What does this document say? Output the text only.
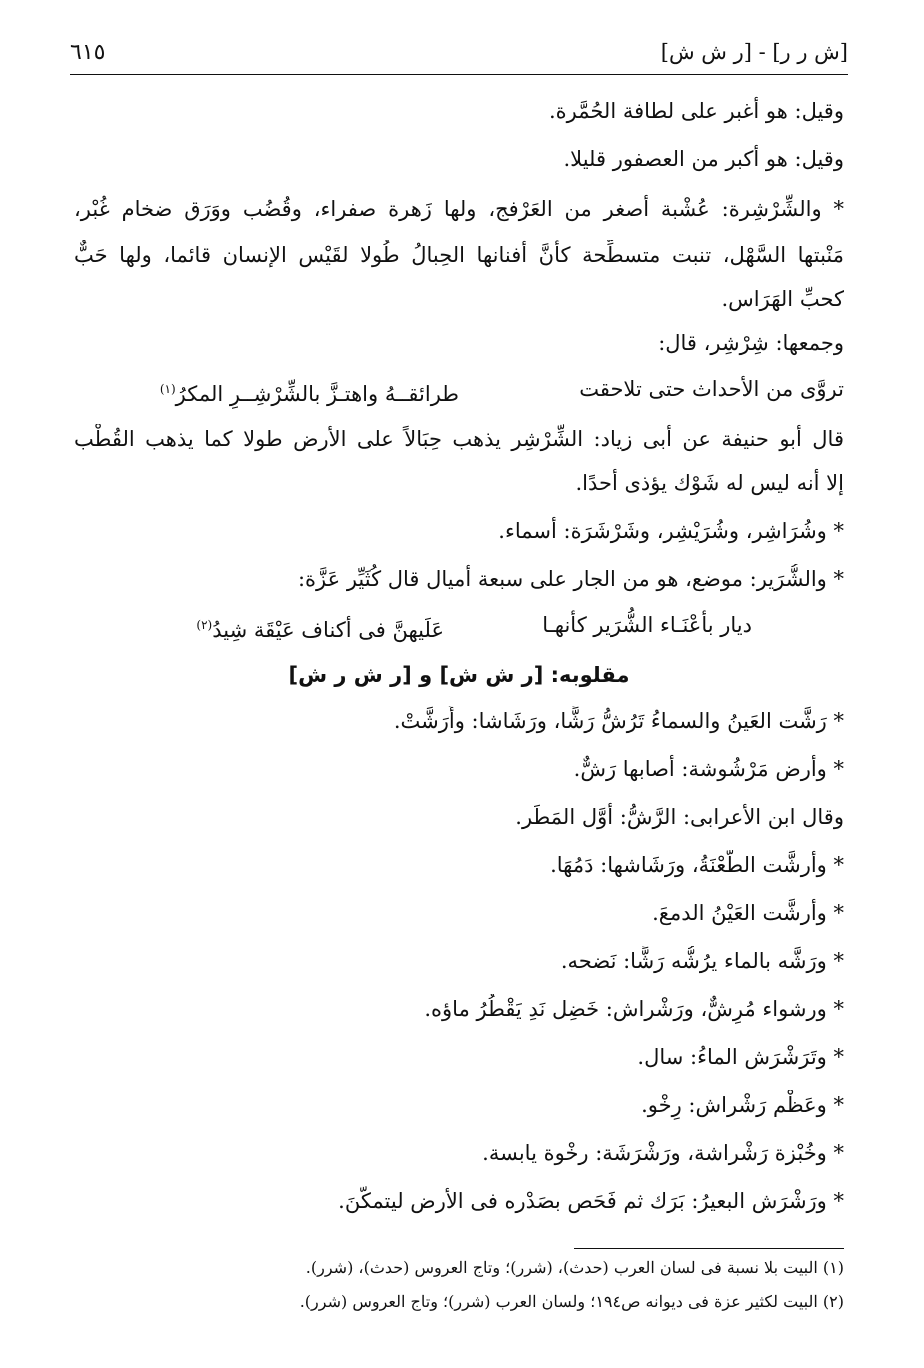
[ش ر ر] - [ر ش ش]
٦١٥
وقيل: هو أغبر على لطافة الحُمَّرة.
وقيل: هو أكبر من العصفور قليلا.
* والشِّرْشِرة: عُشْبة أصغر من العَرْفج، ولها زَهرة صفراء، وقُضُب ووَرَق ضخام غُبْر،
مَنْبتها السَّهْل، تنبت متسطِّحة كأنَّ أفنانها الحِبالُ طُولا لقَيْس الإنسان قائما، ولها حَبٌّ
كحبِّ الهَرَاس.
وجمعها: شِرْشِر، قال:
تروَّى من الأحداث حتى تلاحقت
طرائقــهُ واهتـزَّ بالشِّرْشِــرِ المكرُ$^{(١)}$
قال أبو حنيفة عن أبى زياد: الشِّرْشِر يذهب حِبَالاً على الأرض طولا كما يذهب القُطْب
إلا أنه ليس له شَوْك يؤذى أحدًا.
* وشُرَاشِر، وشُرَيْشِر، وشَرْشَرَة: أسماء.
* والشُّرَير: موضع، هو من الجار على سبعة أميال قال كُثَيِّر عَزَّة:
ديار بأعْنَـاء الشُّرَير كأنهـا
عَلَيهنَّ فى أكناف عَيْقَة شِيدُ$^{(٢)}$
مقلوبه: [ر ش ش] و [ر ش ر ش]
* رَشَّت العَينُ والسماءُ تَرُشُّ رَشًّا، ورَشَاشا: وأَرَشَّتْ.
* وأرض مَرْشُوشة: أصابها رَشٌّ.
وقال ابن الأعرابى: الرَّشُّ: أوَّل المَطَر.
* وأرشَّت الطَّعْنَةُ، ورَشَاشها: دَمُهَا.
* وأرشَّت العَيْنُ الدمعَ.
* ورَشَّه بالماء يرُشُّه رَشًّا: نَضحه.
* ورشواء مُرِشٌّ، ورَشْراش: خَضِل نَدِ يَقْطُرُ ماؤه.
* وتَرَشْرَش الماءُ: سال.
* وعَظْم رَشْراش: رِخْو.
* وخُبْزة رَشْراشة، ورَشْرَشَة: رخْوة يابسة.
* ورَشْرَش البعيرُ: بَرَك ثم فَحَص بصَدْره فى الأرض ليتمكَّنَ.
(١) البيت بلا نسبة فى لسان العرب (حدث)، (شرر)؛ وتاج العروس (حدث)، (شرر).
(٢) البيت لكثير عزة فى ديوانه ص١٩٤؛ ولسان العرب (شرر)؛ وتاج العروس (شرر).
